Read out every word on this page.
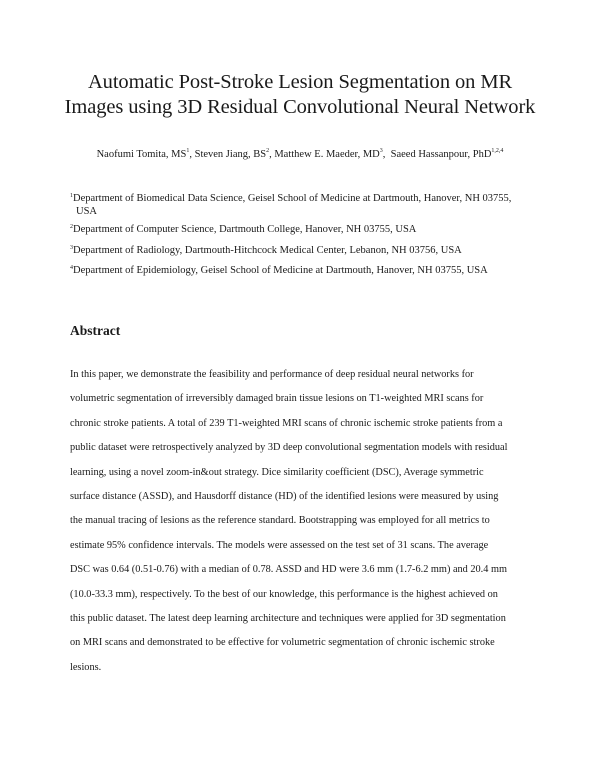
Automatic Post-Stroke Lesion Segmentation on MR
Images using 3D Residual Convolutional Neural Network
Naofumi Tomita, $MS^1$, Steven Jiang, $BS^2$, Matthew E. Maeder, $MD^3$,  Saeed Hassanpour, PhD$^{1,2,4}$
$^1$Department of Biomedical Data Science, Geisel School of Medicine at Dartmouth, Hanover, NH 03755,
USA
$^2$Department of Computer Science, Dartmouth College, Hanover, NH 03755, USA
$^3$Department of Radiology, Dartmouth-Hitchcock Medical Center, Lebanon, NH 03756, USA
$^4$Department of Epidemiology, Geisel School of Medicine at Dartmouth, Hanover, NH 03755, USA
Abstract
In this paper, we demonstrate the feasibility and performance of deep residual neural networks for
volumetric segmentation of irreversibly damaged brain tissue lesions on T1-weighted MRI scans for
chronic stroke patients. A total of 239 T1-weighted MRI scans of chronic ischemic stroke patients from a
public dataset were retrospectively analyzed by 3D deep convolutional segmentation models with residual
learning, using a novel zoom-in&out strategy. Dice similarity coefficient (DSC), Average symmetric
surface distance (ASSD), and Hausdorff distance (HD) of the identified lesions were measured by using
the manual tracing of lesions as the reference standard. Bootstrapping was employed for all metrics to
estimate 95% confidence intervals. The models were assessed on the test set of 31 scans. The average
DSC was 0.64 (0.51-0.76) with a median of 0.78. ASSD and HD were 3.6 mm (1.7-6.2 mm) and 20.4 mm
(10.0-33.3 mm), respectively. To the best of our knowledge, this performance is the highest achieved on
this public dataset. The latest deep learning architecture and techniques were applied for 3D segmentation
on MRI scans and demonstrated to be effective for volumetric segmentation of chronic ischemic stroke
lesions.
